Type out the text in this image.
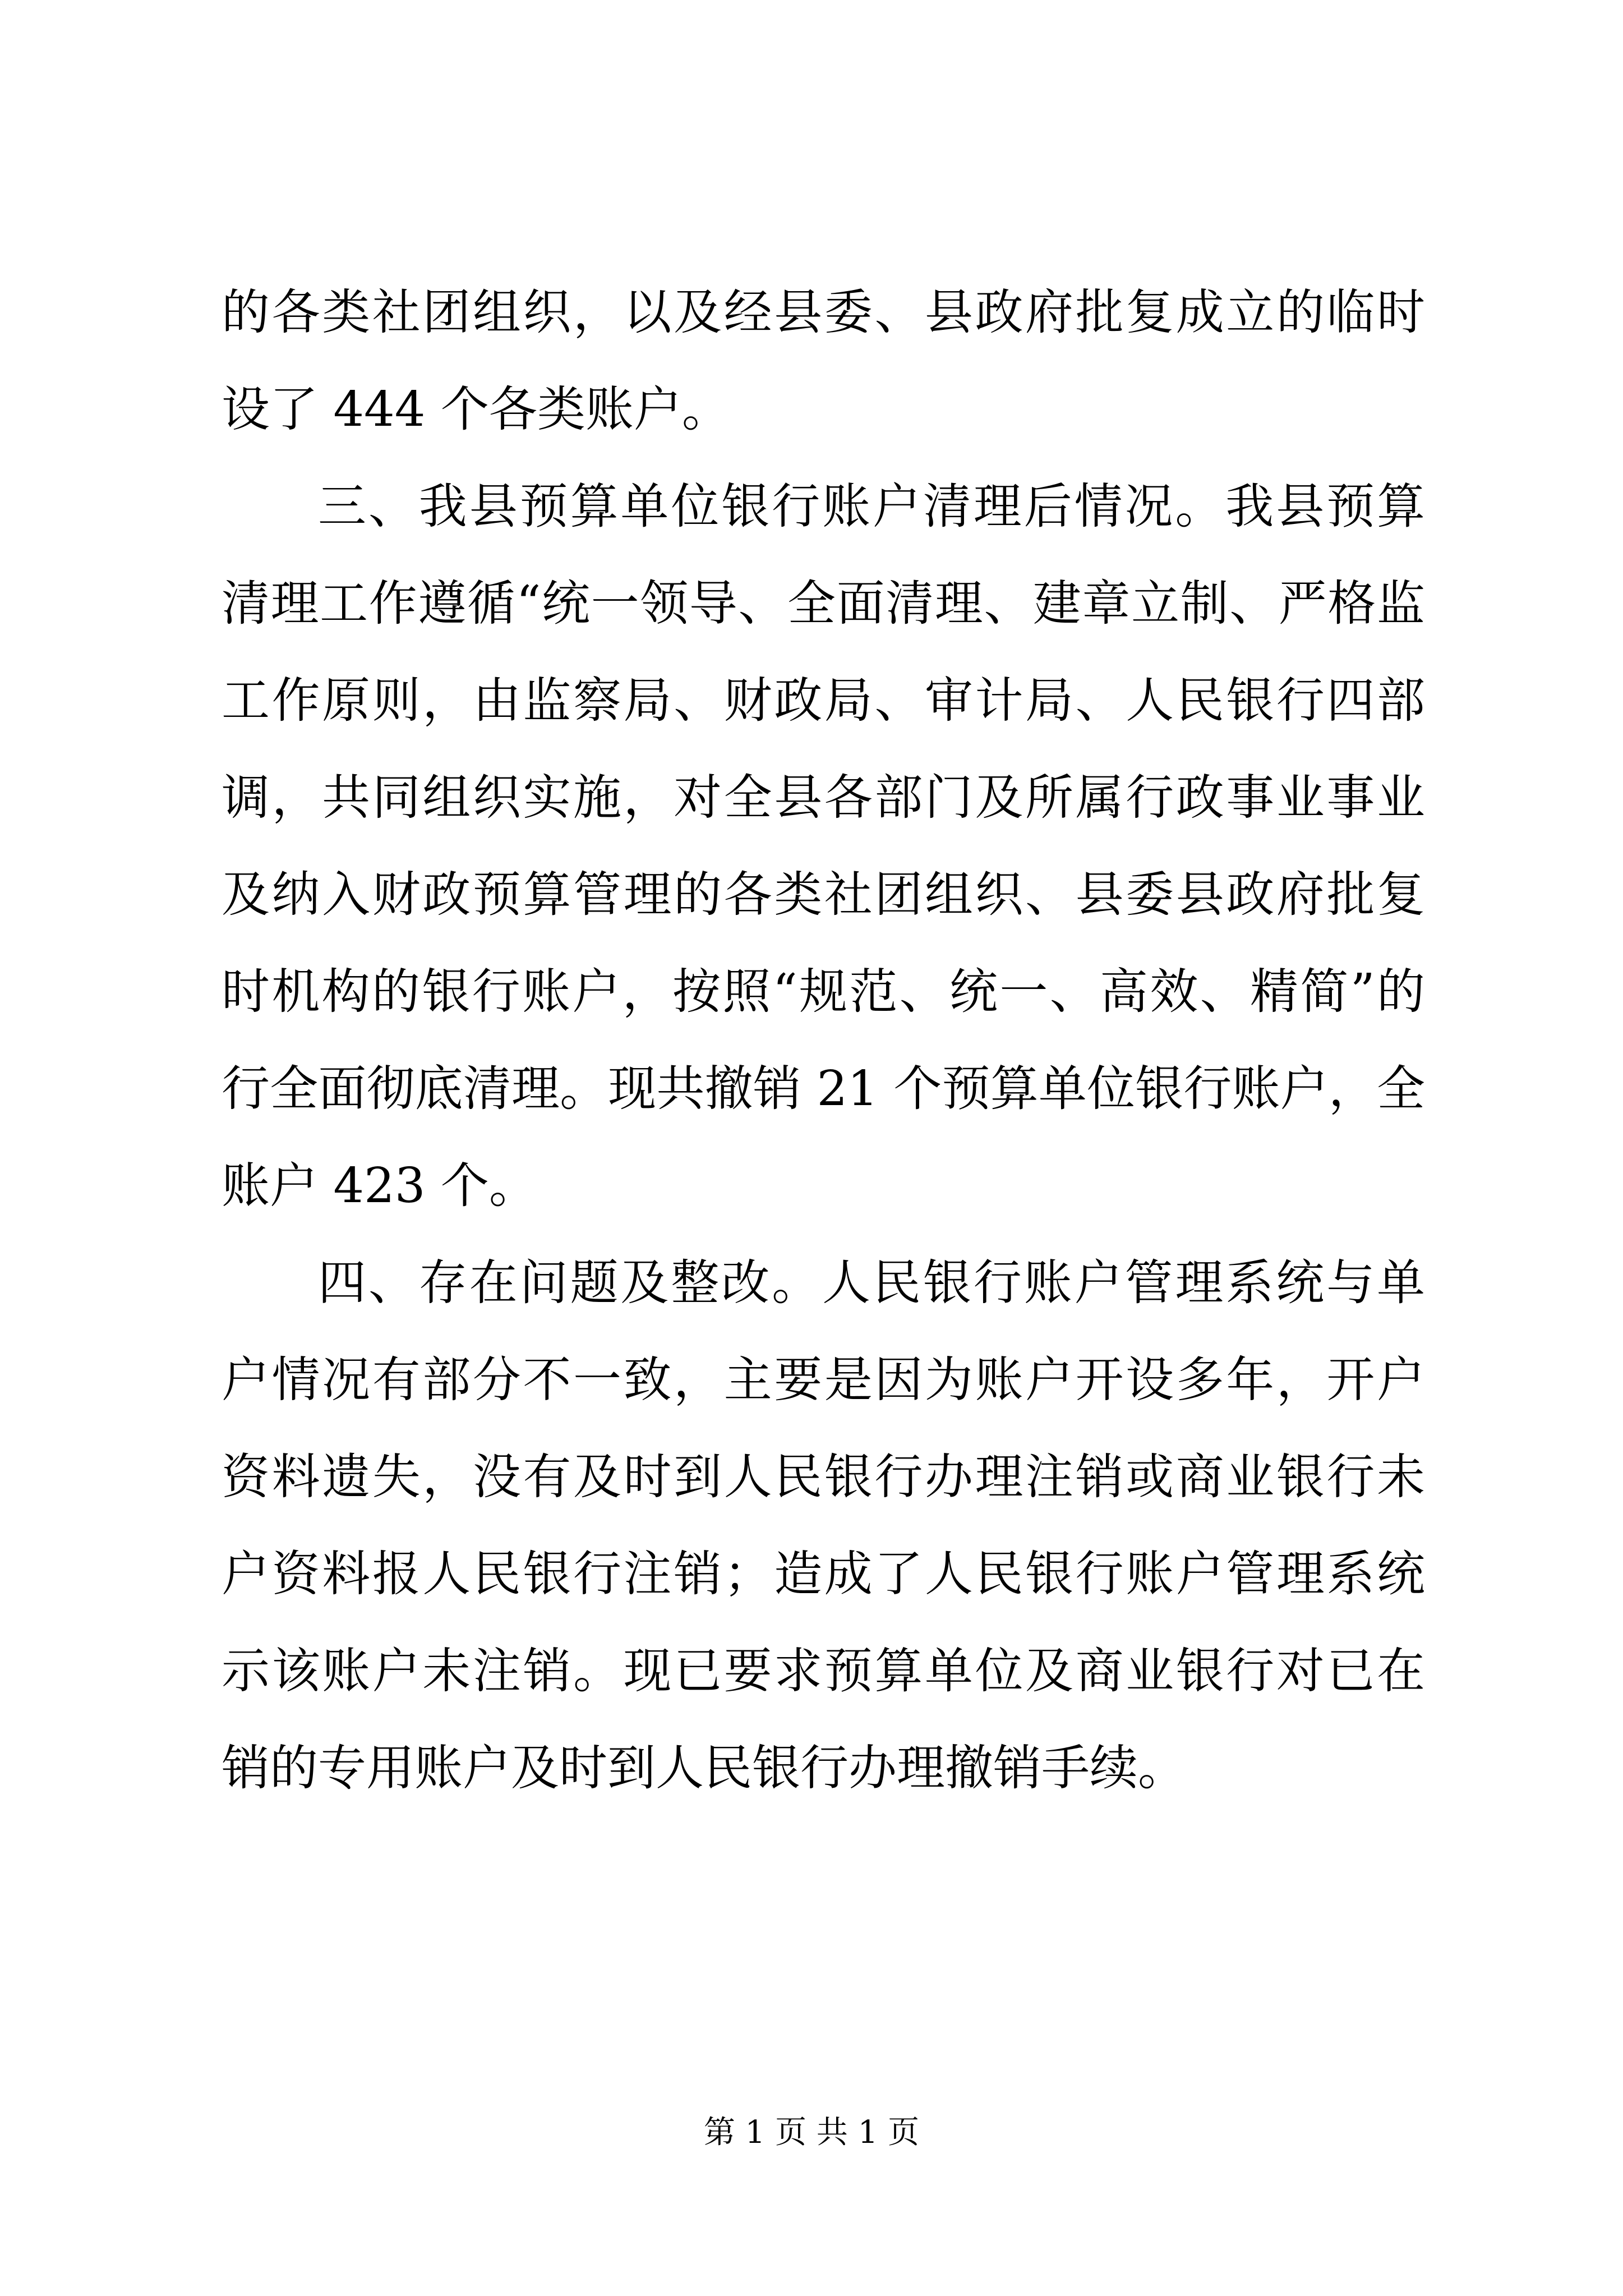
的各类社团组织，以及经县委、县政府批复成立的临时
设了 444 个各类账户。
三、我县预算单位银行账户清理后情况。我县预算
清理工作遵循“统一领导、全面清理、建章立制、严格监
工作原则，由监察局、财政局、审计局、人民银行四部
调，共同组织实施，对全县各部门及所属行政事业事业
及纳入财政预算管理的各类社团组织、县委县政府批复
时机构的银行账户，按照“规范、统一、高效、精简”的
行全面彻底清理。现共撤销 21 个预算单位银行账户，全
账户 423 个。
四、存在问题及整改。人民银行账户管理系统与单
户情况有部分不一致，主要是因为账户开设多年，开户
资料遗失，没有及时到人民银行办理注销或商业银行未
户资料报人民银行注销；造成了人民银行账户管理系统
示该账户未注销。现已要求预算单位及商业银行对已在
销的专用账户及时到人民银行办理撤销手续。
第 1 页 共 1 页
